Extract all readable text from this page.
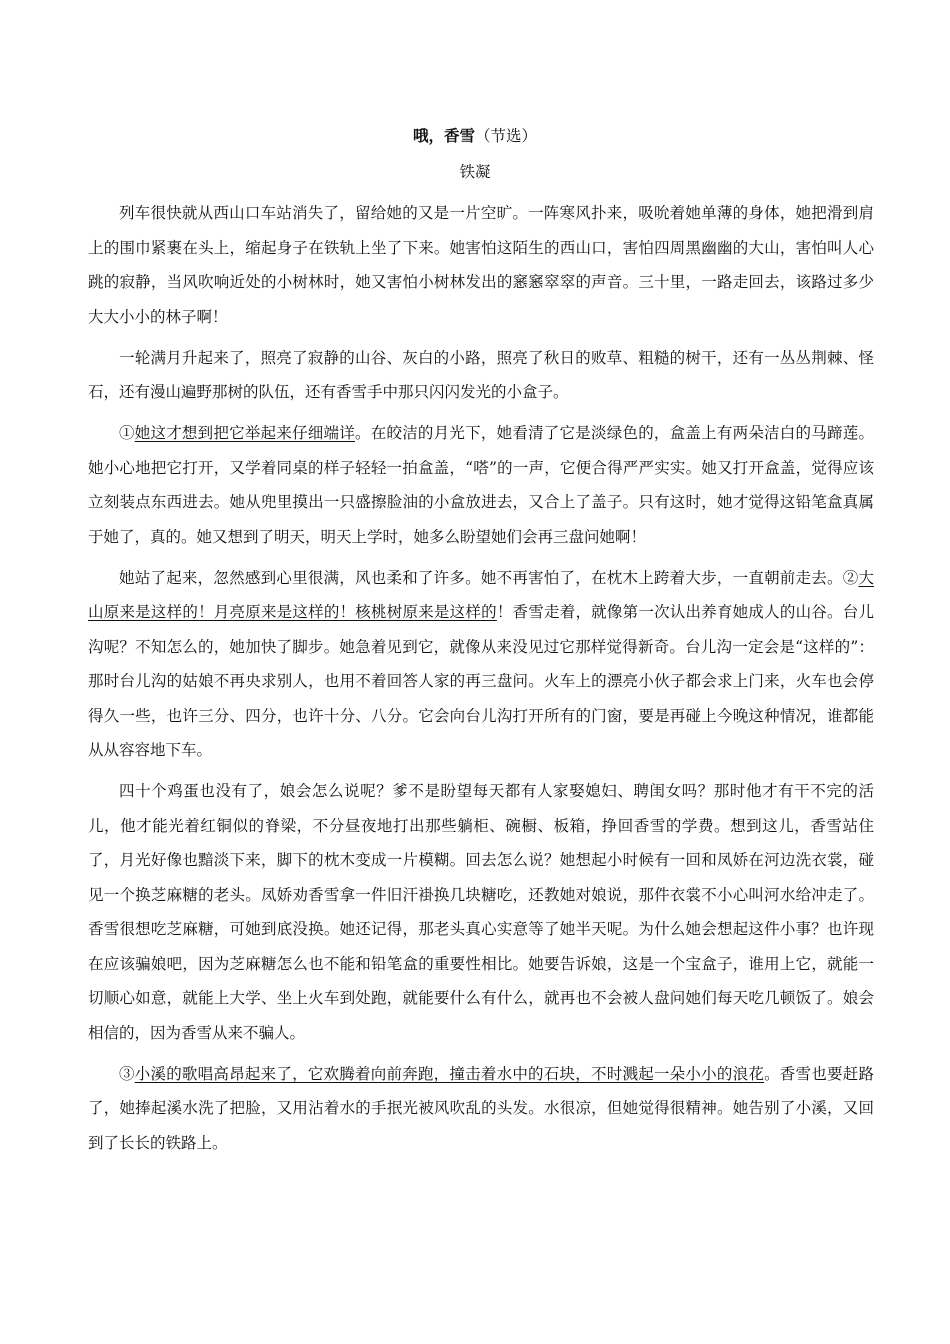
哦，香雪（节选）
铁凝

列车很快就从西山口车站消失了，留给她的又是一片空旷。一阵寒风扑来，吸吮着她单薄的身体，她把滑到肩上的围巾紧裹在头上，缩起身子在铁轨上坐了下来。她害怕这陌生的西山口，害怕四周黑幽幽的大山，害怕叫人心跳的寂静，当风吹响近处的小树林时，她又害怕小树林发出的窸窸窣窣的声音。三十里，一路走回去，该路过多少大大小小的林子啊！

一轮满月升起来了，照亮了寂静的山谷、灰白的小路，照亮了秋日的败草、粗糙的树干，还有一丛丛荆棘、怪石，还有漫山遍野那树的队伍，还有香雪手中那只闪闪发光的小盒子。

①她这才想到把它举起来仔细端详。在皎洁的月光下，她看清了它是淡绿色的，盒盖上有两朵洁白的马蹄莲。她小心地把它打开，又学着同桌的样子轻轻一拍盒盖，“嗒”的一声，它便合得严严实实。她又打开盒盖，觉得应该立刻装点东西进去。她从兜里摸出一只盛擦脸油的小盒放进去，又合上了盖子。只有这时，她才觉得这铅笔盒真属于她了，真的。她又想到了明天，明天上学时，她多么盼望她们会再三盘问她啊！

她站了起来，忽然感到心里很满，风也柔和了许多。她不再害怕了，在枕木上跨着大步，一直朝前走去。②大山原来是这样的！月亮原来是这样的！核桃树原来是这样的！香雪走着，就像第一次认出养育她成人的山谷。台儿沟呢？不知怎么的，她加快了脚步。她急着见到它，就像从来没见过它那样觉得新奇。台儿沟一定会是“这样的”：那时台儿沟的姑娘不再央求别人，也用不着回答人家的再三盘问。火车上的漂亮小伙子都会求上门来，火车也会停得久一些，也许三分、四分，也许十分、八分。它会向台儿沟打开所有的门窗，要是再碰上今晚这种情况，谁都能从从容容地下车。

四十个鸡蛋也没有了，娘会怎么说呢？爹不是盼望每天都有人家娶媳妇、聘闺女吗？那时他才有干不完的活儿，他才能光着红铜似的脊梁，不分昼夜地打出那些躺柜、碗橱、板箱，挣回香雪的学费。想到这儿，香雪站住了，月光好像也黯淡下来，脚下的枕木变成一片模糊。回去怎么说？她想起小时候有一回和凤娇在河边洗衣裳，碰见一个换芝麻糖的老头。凤娇劝香雪拿一件旧汗褂换几块糖吃，还教她对娘说，那件衣裳不小心叫河水给冲走了。香雪很想吃芝麻糖，可她到底没换。她还记得，那老头真心实意等了她半天呢。为什么她会想起这件小事？也许现在应该骗娘吧，因为芝麻糖怎么也不能和铅笔盒的重要性相比。她要告诉娘，这是一个宝盒子，谁用上它，就能一切顺心如意，就能上大学、坐上火车到处跑，就能要什么有什么，就再也不会被人盘问她们每天吃几顿饭了。娘会相信的，因为香雪从来不骗人。

③小溪的歌唱高昂起来了，它欢腾着向前奔跑，撞击着水中的石块，不时溅起一朵小小的浪花。香雪也要赶路了，她捧起溪水洗了把脸，又用沾着水的手抿光被风吹乱的头发。水很凉，但她觉得很精神。她告别了小溪，又回到了长长的铁路上。
